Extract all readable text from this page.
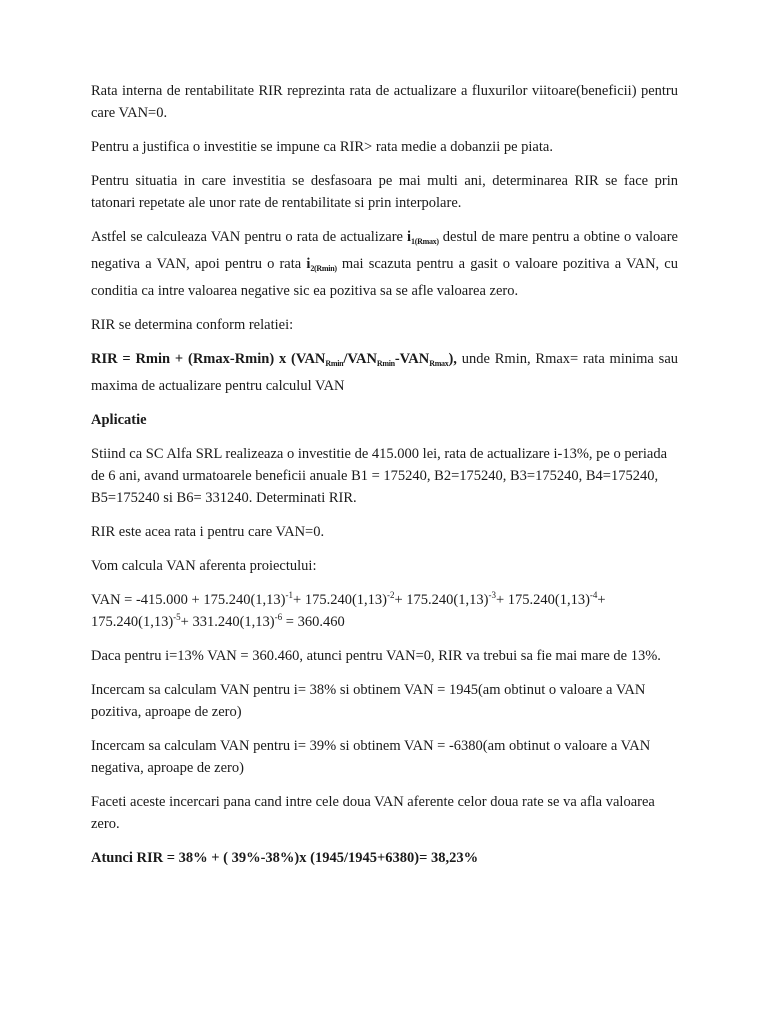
Rata interna de rentabilitate RIR reprezinta rata de actualizare a fluxurilor viitoare(beneficii) pentru care VAN=0.

Pentru a justifica o investitie se impune ca RIR> rata medie a dobanzii pe piata.

Pentru situatia in care investitia se desfasoara pe mai multi ani, determinarea RIR se face prin tatonari repetate ale unor rate de rentabilitate si prin interpolare.

Astfel se calculeaza VAN pentru o rata de actualizare $i_{1(Rmax)}$ destul de mare pentru a obtine o valoare negativa a VAN, apoi pentru o rata $i_{2(Rmin)}$ mai scazuta pentru a gasit o valoare pozitiva a VAN, cu conditia ca intre valoarea negative sic ea pozitiva sa se afle valoarea zero.

RIR se determina conform relatiei:

RIR = Rmin + (Rmax-Rmin) x $(VAN_{Rmin}/VAN_{Rmin}-VAN_{Rmax})$, unde Rmin, Rmax= rata minima sau maxima de actualizare pentru calculul VAN

Aplicatie

Stiind ca SC Alfa SRL realizeaza o investitie de 415.000 lei, rata de actualizare i-13%, pe o periada de 6 ani, avand urmatoarele beneficii anuale B1 = 175240, B2=175240, B3=175240, B4=175240, B5=175240 si B6= 331240. Determinati RIR.

RIR este acea rata i pentru care VAN=0.

Vom calcula VAN aferenta proiectului:

VAN = $-415.000 + 175.240(1,13)^{-1}+ 175.240(1,13)^{-2}+ 175.240(1,13)^{-3}+ 175.240(1,13)^{-4}+ 175.240(1,13)^{-5}+ 331.240(1,13)^{-6} = 360.460$

Daca pentru i=13% VAN = 360.460, atunci pentru VAN=0, RIR va trebui sa fie mai mare de 13%.

Incercam sa calculam VAN pentru i= 38% si obtinem VAN = 1945(am obtinut o valoare a VAN pozitiva, aproape de zero)

Incercam sa calculam VAN pentru i= 39% si obtinem VAN = -6380(am obtinut o valoare a VAN negativa, aproape de zero)

Faceti aceste incercari pana cand intre cele doua VAN aferente celor doua rate se va afla valoarea zero.

Atunci RIR = 38% + ( 39%-38%)x (1945/1945+6380)= 38,23%
